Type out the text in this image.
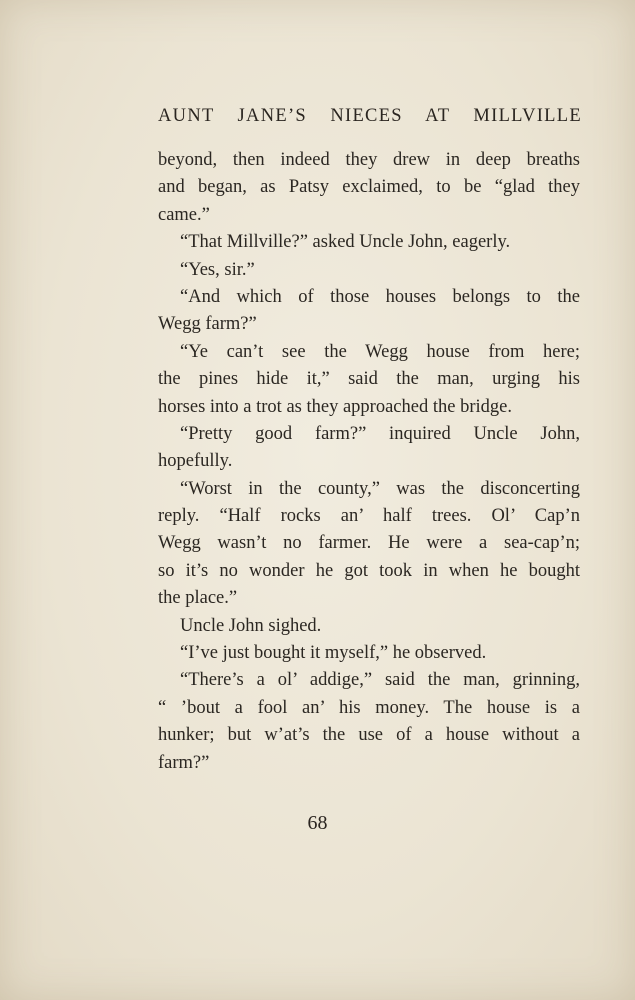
AUNT JANE’S NIECES AT MILLVILLE
beyond, then indeed they drew in deep breaths
and began, as Patsy exclaimed, to be “glad they
came.”
“That Millville?” asked Uncle John, eagerly.
“Yes, sir.”
“And which of those houses belongs to the
Wegg farm?”
“Ye can’t see the Wegg house from here;
the pines hide it,” said the man, urging his
horses into a trot as they approached the bridge.
“Pretty good farm?” inquired Uncle John,
hopefully.
“Worst in the county,” was the disconcerting
reply. “Half rocks an’ half trees. Ol’ Cap’n
Wegg wasn’t no farmer. He were a sea-cap’n;
so it’s no wonder he got took in when he bought
the place.”
Uncle John sighed.
“I’ve just bought it myself,” he observed.
“There’s a ol’ addige,” said the man, grinning,
“ ’bout a fool an’ his money. The house is a
hunker; but w’at’s the use of a house without a
farm?”
68
